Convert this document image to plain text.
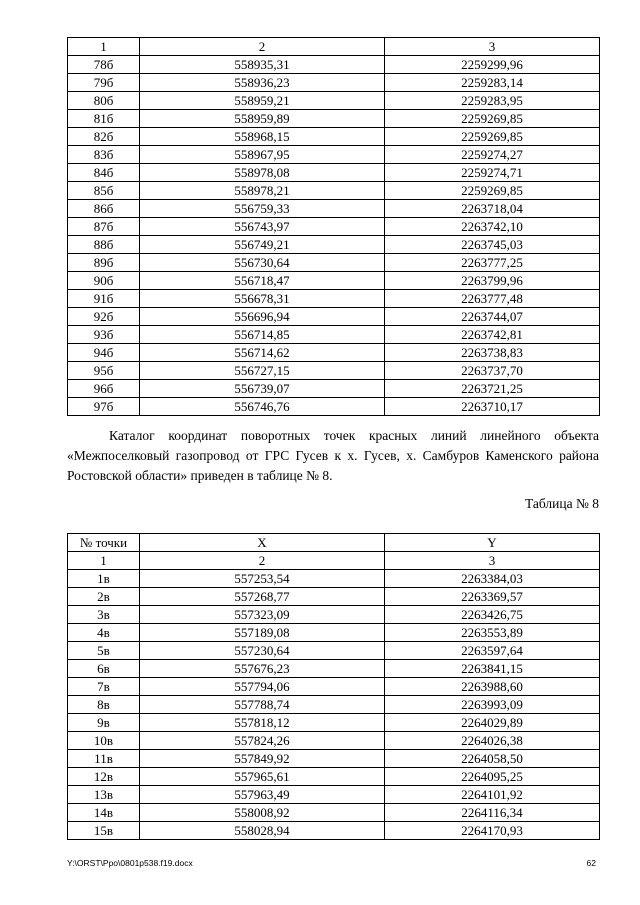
1	2	3
78б	558935,31	2259299,96
79б	558936,23	2259283,14
80б	558959,21	2259283,95
81б	558959,89	2259269,85
82б	558968,15	2259269,85
83б	558967,95	2259274,27
84б	558978,08	2259274,71
85б	558978,21	2259269,85
86б	556759,33	2263718,04
87б	556743,97	2263742,10
88б	556749,21	2263745,03
89б	556730,64	2263777,25
90б	556718,47	2263799,96
91б	556678,31	2263777,48
92б	556696,94	2263744,07
93б	556714,85	2263742,81
94б	556714,62	2263738,83
95б	556727,15	2263737,70
96б	556739,07	2263721,25
97б	556746,76	2263710,17
Каталог координат поворотных точек красных линий линейного объекта «Межпоселковый газопровод от ГРС Гусев к х. Гусев, х. Самбуров Каменского района Ростовской области» приведен в таблице № 8.
Таблица № 8
№ точки	X	Y
1	2	3
1в	557253,54	2263384,03
2в	557268,77	2263369,57
3в	557323,09	2263426,75
4в	557189,08	2263553,89
5в	557230,64	2263597,64
6в	557676,23	2263841,15
7в	557794,06	2263988,60
8в	557788,74	2263993,09
9в	557818,12	2264029,89
10в	557824,26	2264026,38
11в	557849,92	2264058,50
12в	557965,61	2264095,25
13в	557963,49	2264101,92
14в	558008,92	2264116,34
15в	558028,94	2264170,93
Y:\ORST\Ppo\0801p538.f19.docx	62
